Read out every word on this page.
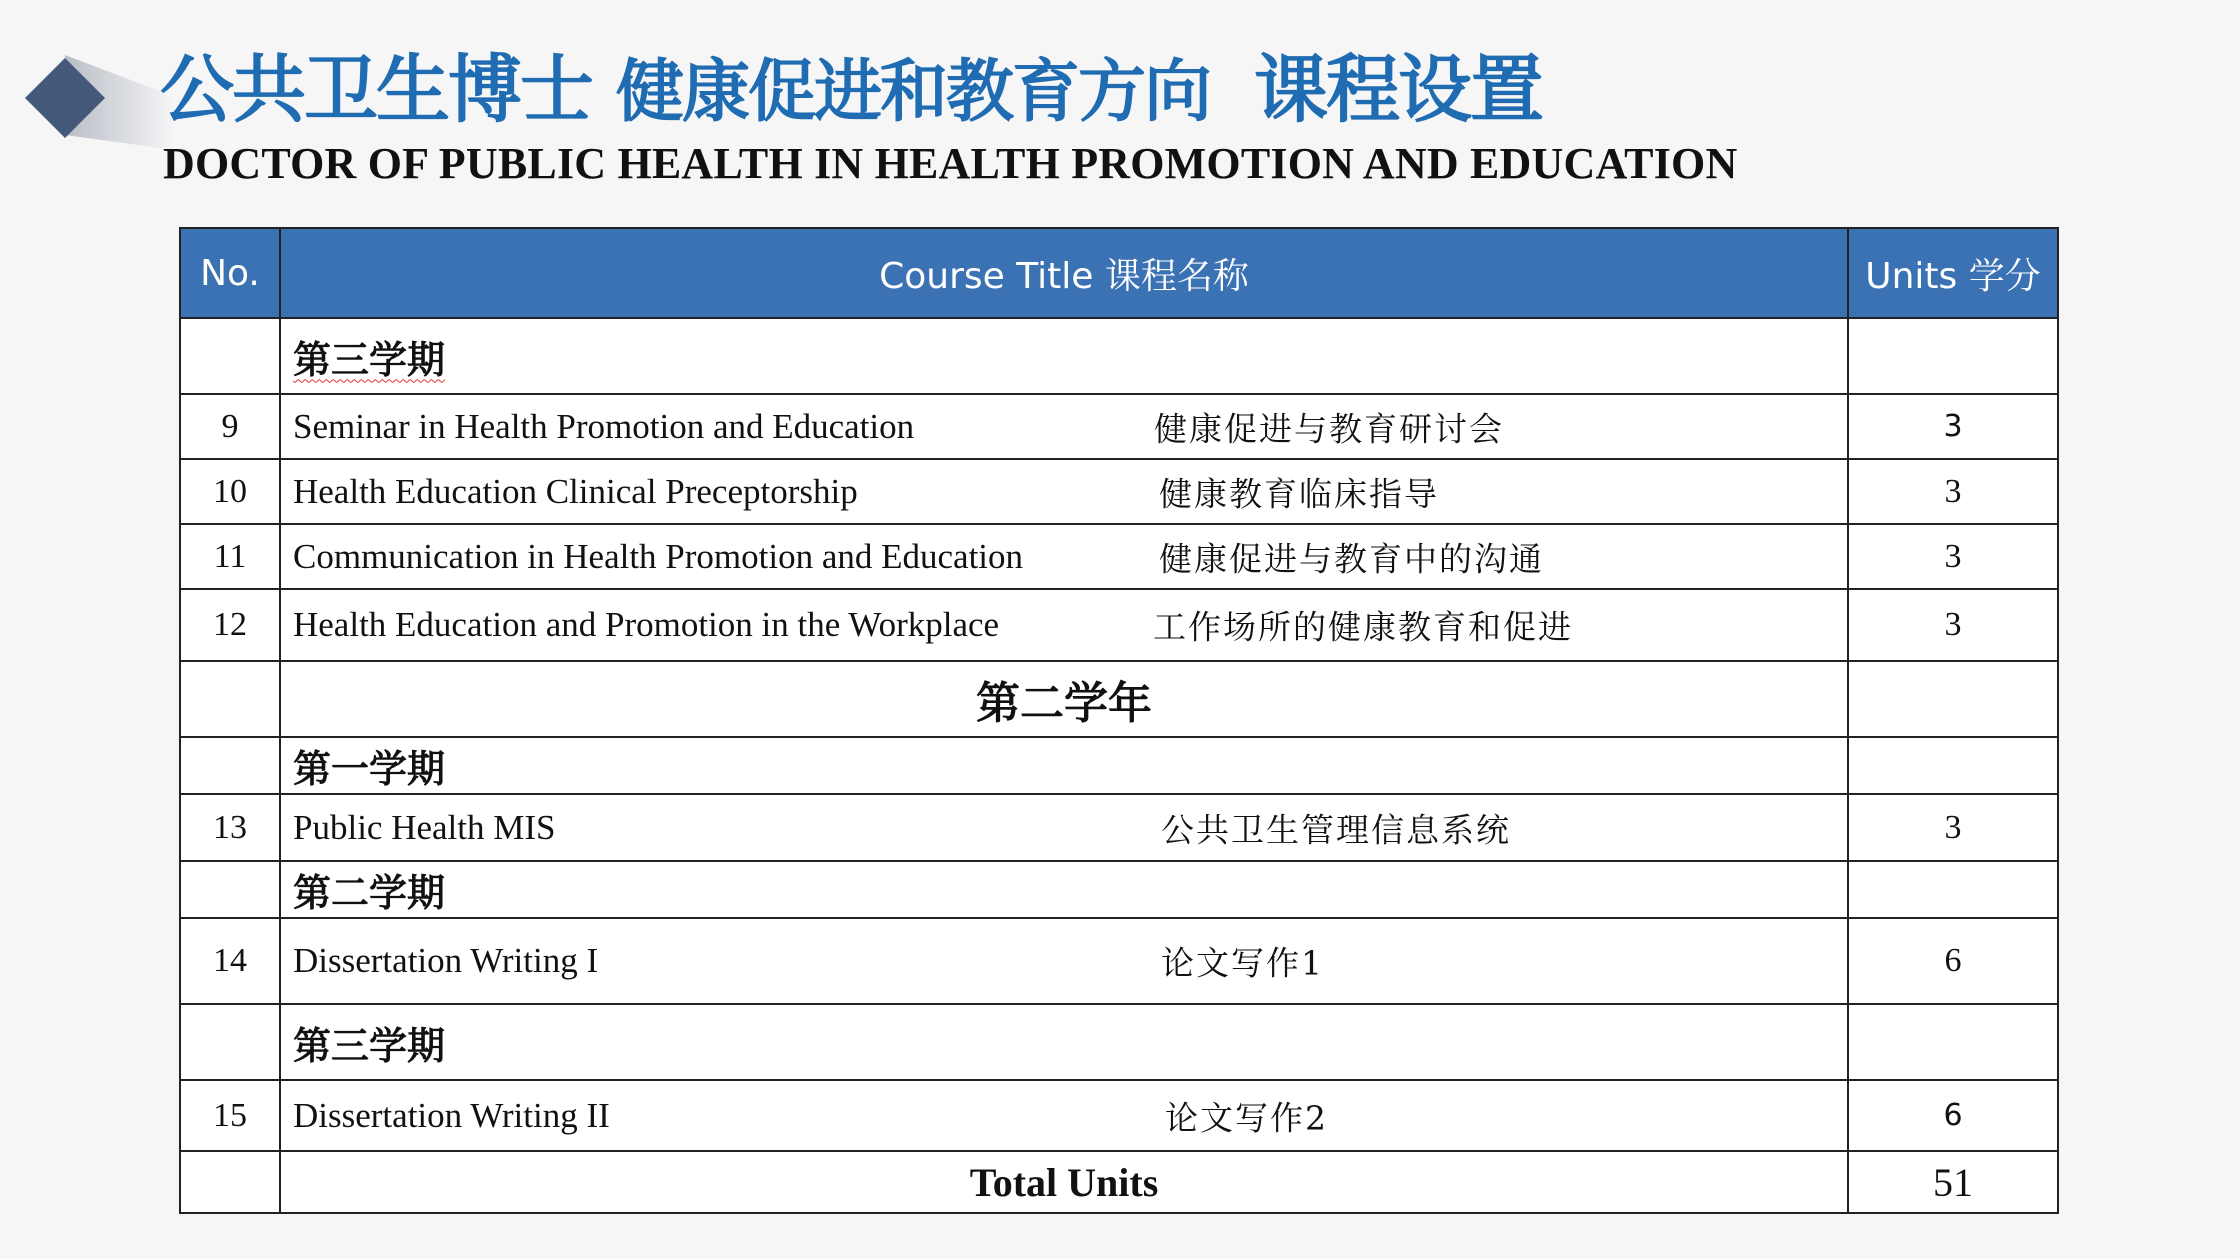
公共卫生博士 健康促进和教育方向 课程设置
DOCTOR OF PUBLIC HEALTH IN HEALTH PROMOTION AND EDUCATION
No.	Course Title 课程名称	Units 学分
	第三学期	
9	Seminar in Health Promotion and Education 健康促进与教育研讨会	3
10	Health Education Clinical Preceptorship 健康教育临床指导	3
11	Communication in Health Promotion and Education 健康促进与教育中的沟通	3
12	Health Education and Promotion in the Workplace 工作场所的健康教育和促进	3
	第二学年	
	第一学期	
13	Public Health MIS 公共卫生管理信息系统	3
	第二学期	
14	Dissertation Writing I 论文写作1	6
	第三学期	
15	Dissertation Writing II 论文写作2	6
	Total Units	51
